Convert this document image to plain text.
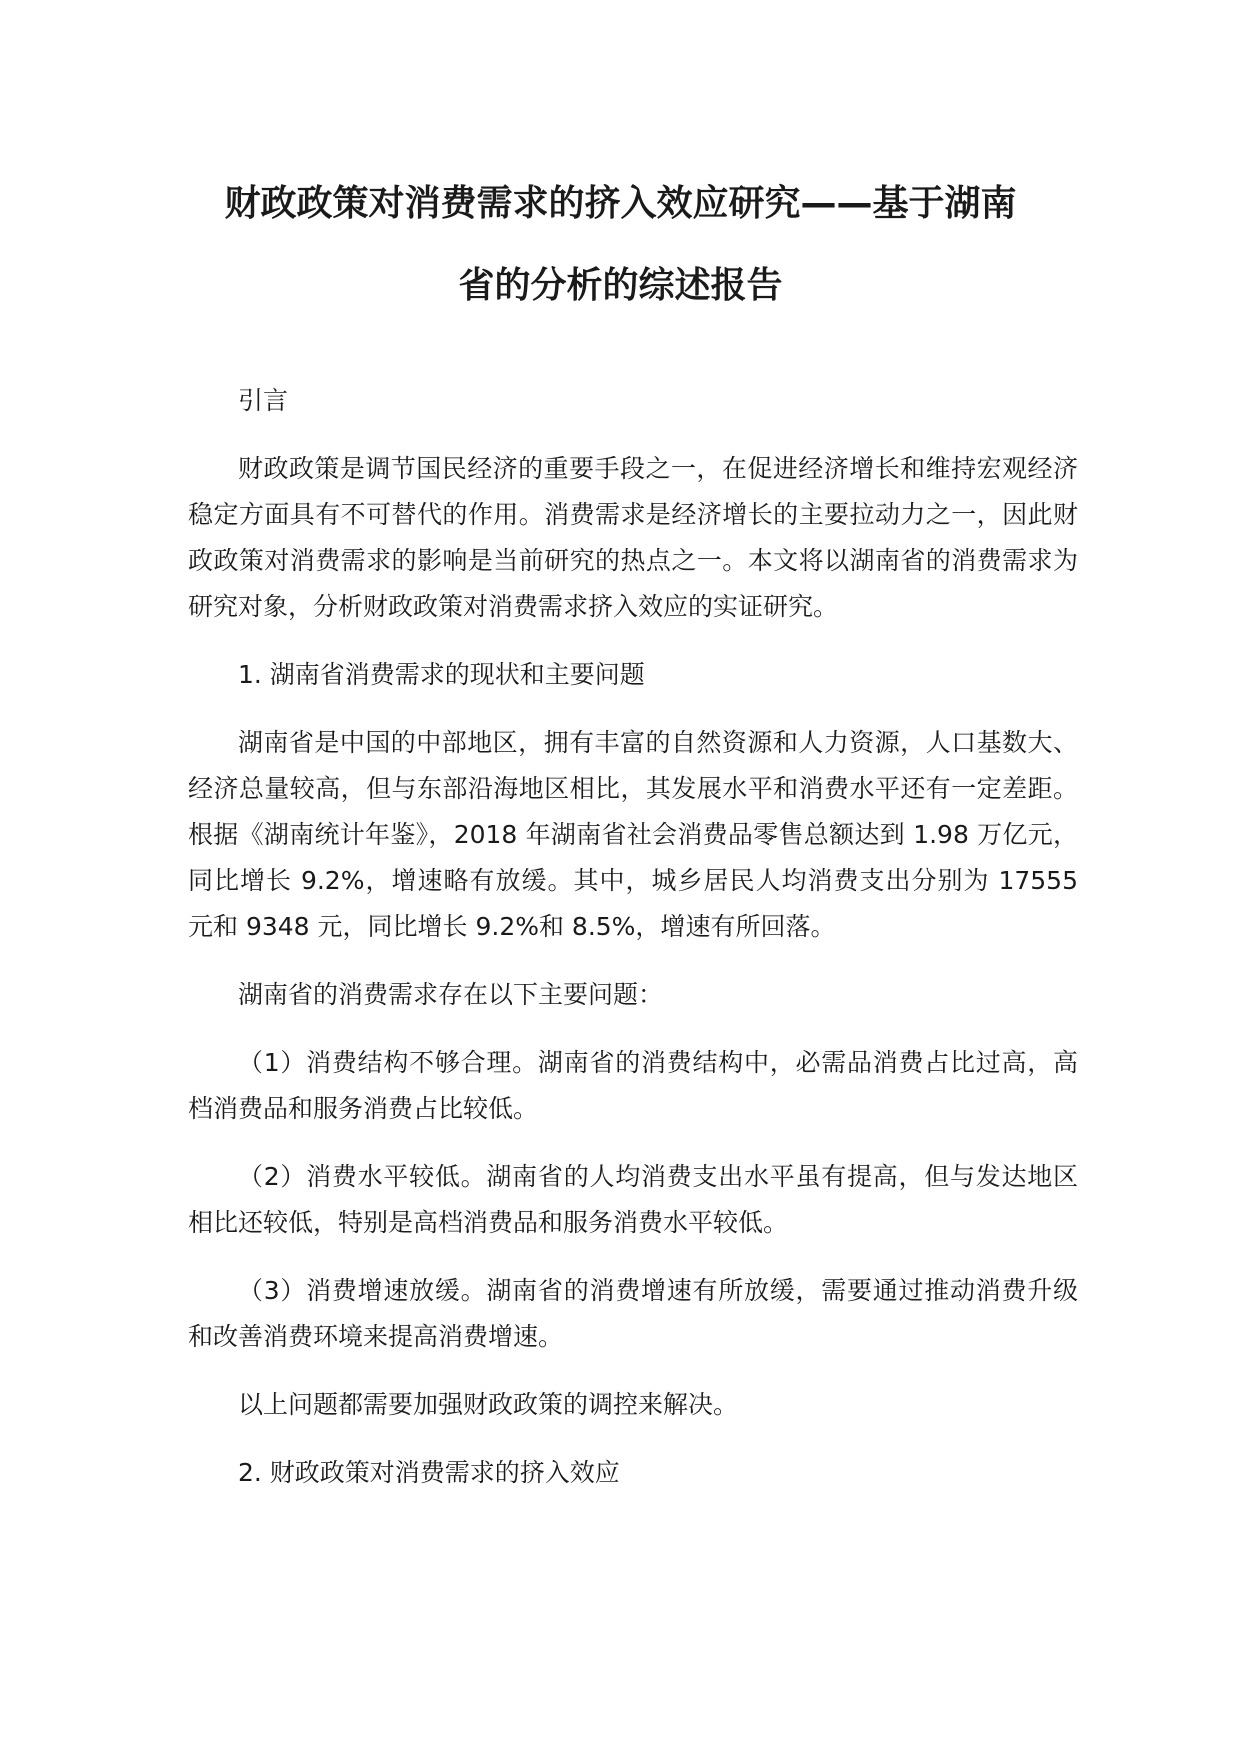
财政政策对消费需求的挤入效应研究——基于湖南
省的分析的综述报告

引言

财政政策是调节国民经济的重要手段之一，在促进经济增长和维持宏观经济稳定方面具有不可替代的作用。消费需求是经济增长的主要拉动力之一，因此财政政策对消费需求的影响是当前研究的热点之一。本文将以湖南省的消费需求为研究对象，分析财政政策对消费需求挤入效应的实证研究。

1. 湖南省消费需求的现状和主要问题

湖南省是中国的中部地区，拥有丰富的自然资源和人力资源，人口基数大、经济总量较高，但与东部沿海地区相比，其发展水平和消费水平还有一定差距。根据《湖南统计年鉴》，2018 年湖南省社会消费品零售总额达到 1.98 万亿元，同比增长 9.2%，增速略有放缓。其中，城乡居民人均消费支出分别为 17555 元和 9348 元，同比增长 9.2%和 8.5%，增速有所回落。

湖南省的消费需求存在以下主要问题：

（1）消费结构不够合理。湖南省的消费结构中，必需品消费占比过高，高档消费品和服务消费占比较低。

（2）消费水平较低。湖南省的人均消费支出水平虽有提高，但与发达地区相比还较低，特别是高档消费品和服务消费水平较低。

（3）消费增速放缓。湖南省的消费增速有所放缓，需要通过推动消费升级和改善消费环境来提高消费增速。

以上问题都需要加强财政政策的调控来解决。

2. 财政政策对消费需求的挤入效应
